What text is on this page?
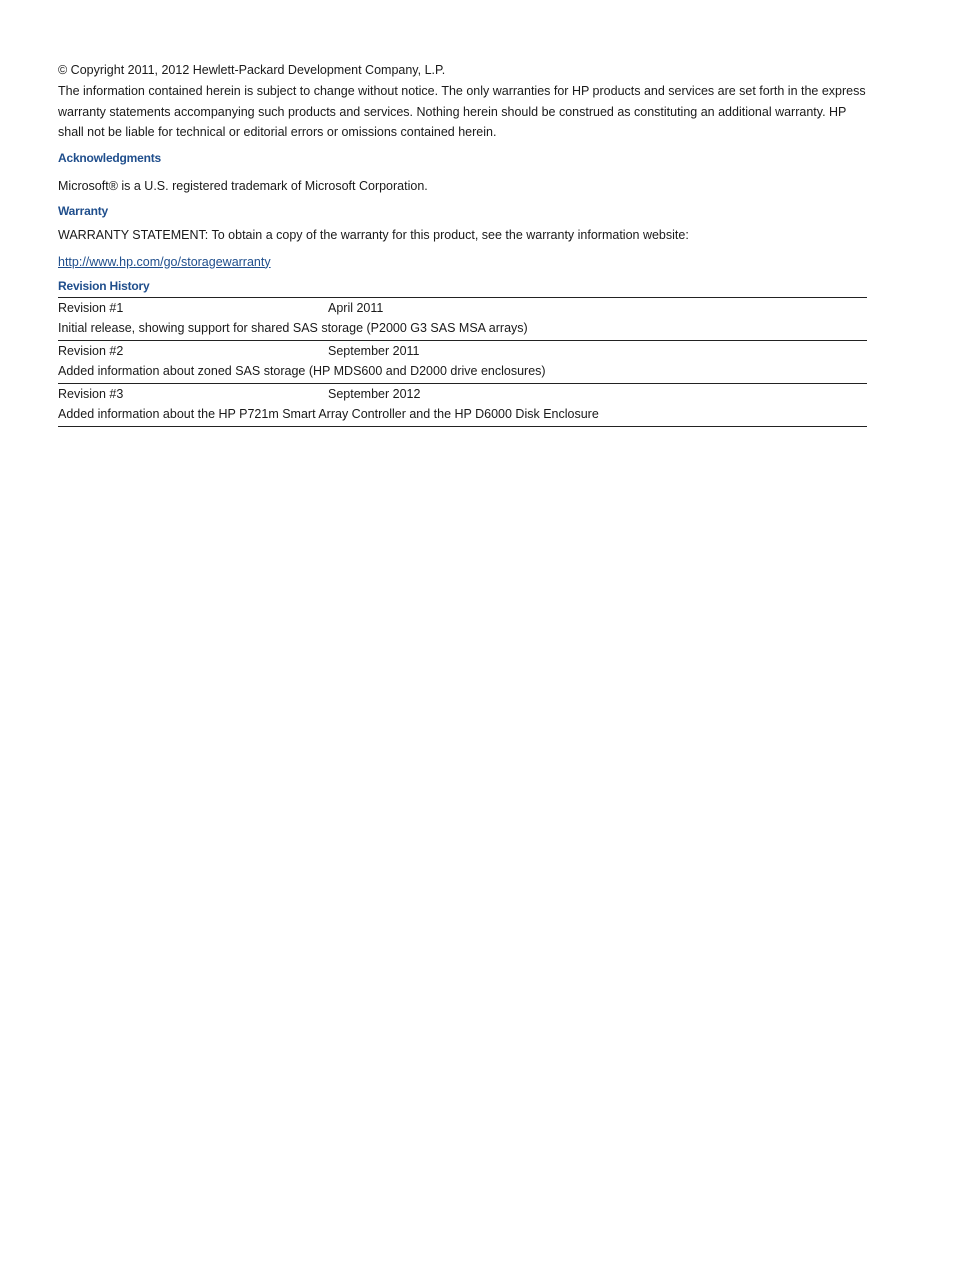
© Copyright 2011, 2012 Hewlett-Packard Development Company, L.P.

The information contained herein is subject to change without notice. The only warranties for HP products and services are set forth in the express warranty statements accompanying such products and services. Nothing herein should be construed as constituting an additional warranty. HP shall not be liable for technical or editorial errors or omissions contained herein.

Acknowledgments

Microsoft® is a U.S. registered trademark of Microsoft Corporation.

Warranty

WARRANTY STATEMENT: To obtain a copy of the warranty for this product, see the warranty information website:

http://www.hp.com/go/storagewarranty
Revision History
Revision #1	April 2011
Initial release, showing support for shared SAS storage (P2000 G3 SAS MSA arrays)
Revision #2	September 2011
Added information about zoned SAS storage (HP MDS600 and D2000 drive enclosures)
Revision #3	September 2012
Added information about the HP P721m Smart Array Controller and the HP D6000 Disk Enclosure
